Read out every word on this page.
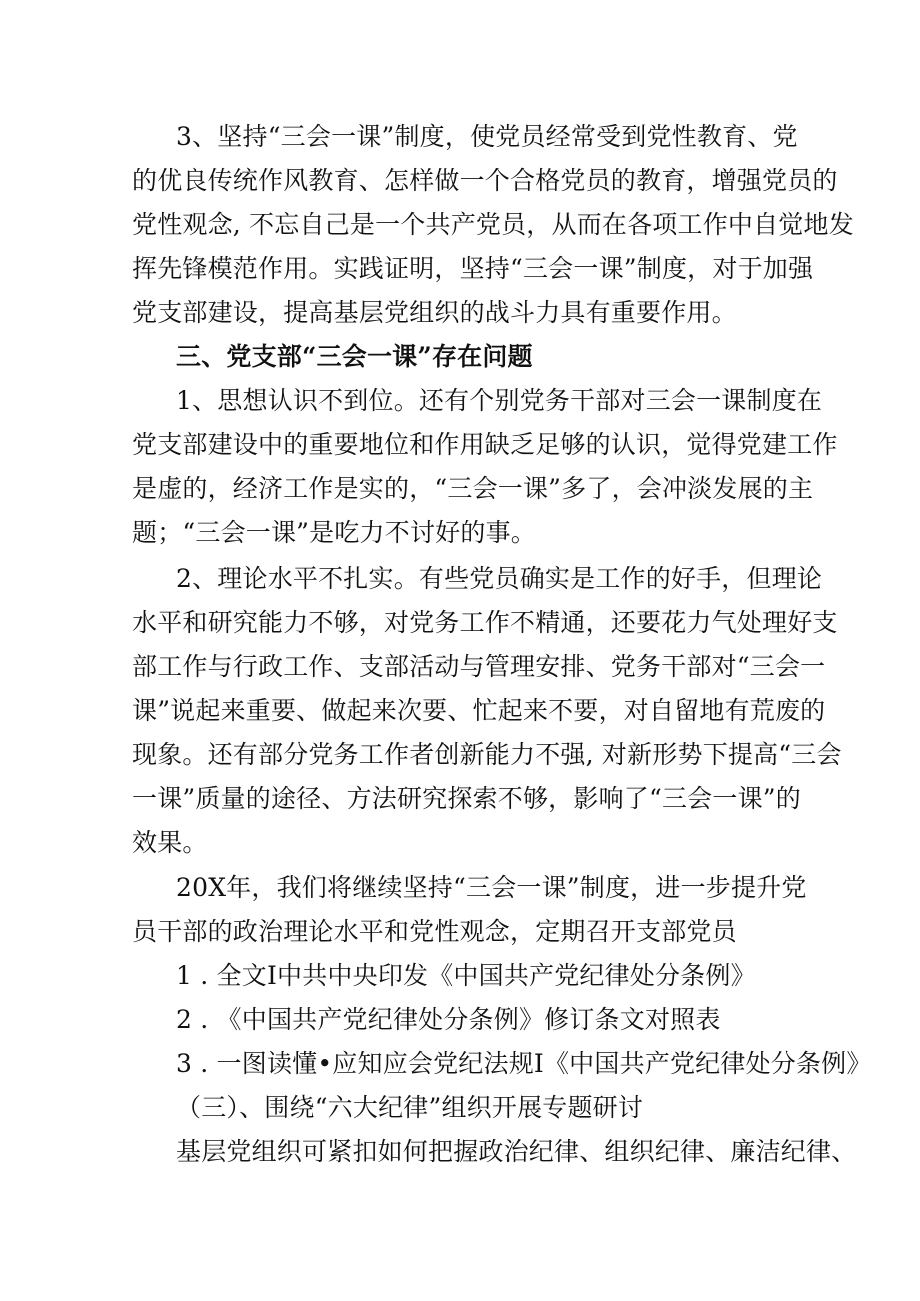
3、坚持“三会一课”制度，使党员经常受到党性教育、党
的优良传统作风教育、怎样做一个合格党员的教育，增强党员的
党性观念, 不忘自己是一个共产党员，从而在各项工作中自觉地发
挥先锋模范作用。实践证明，坚持“三会一课”制度，对于加强
党支部建设，提高基层党组织的战斗力具有重要作用。
三、党支部“三会一课”存在问题
1、思想认识不到位。还有个别党务干部对三会一课制度在
党支部建设中的重要地位和作用缺乏足够的认识，觉得党建工作
是虚的，经济工作是实的，“三会一课”多了，会冲淡发展的主
题；“三会一课”是吃力不讨好的事。
2、理论水平不扎实。有些党员确实是工作的好手，但理论
水平和研究能力不够，对党务工作不精通，还要花力气处理好支
部工作与行政工作、支部活动与管理安排、党务干部对“三会一
课”说起来重要、做起来次要、忙起来不要，对自留地有荒废的
现象。还有部分党务工作者创新能力不强, 对新形势下提高“三会
一课”质量的途径、方法研究探索不够，影响了“三会一课”的
效果。
20X年，我们将继续坚持“三会一课”制度，进一步提升党
员干部的政治理论水平和党性观念，定期召开支部党员
1 . 全文I中共中央印发《中国共产党纪律处分条例》
2 . 《中国共产党纪律处分条例》修订条文对照表
3 . 一图读懂•应知应会党纪法规I《中国共产党纪律处分条例》
（三）、围绕“六大纪律”组织开展专题研讨
基层党组织可紧扣如何把握政治纪律、组织纪律、廉洁纪律、
